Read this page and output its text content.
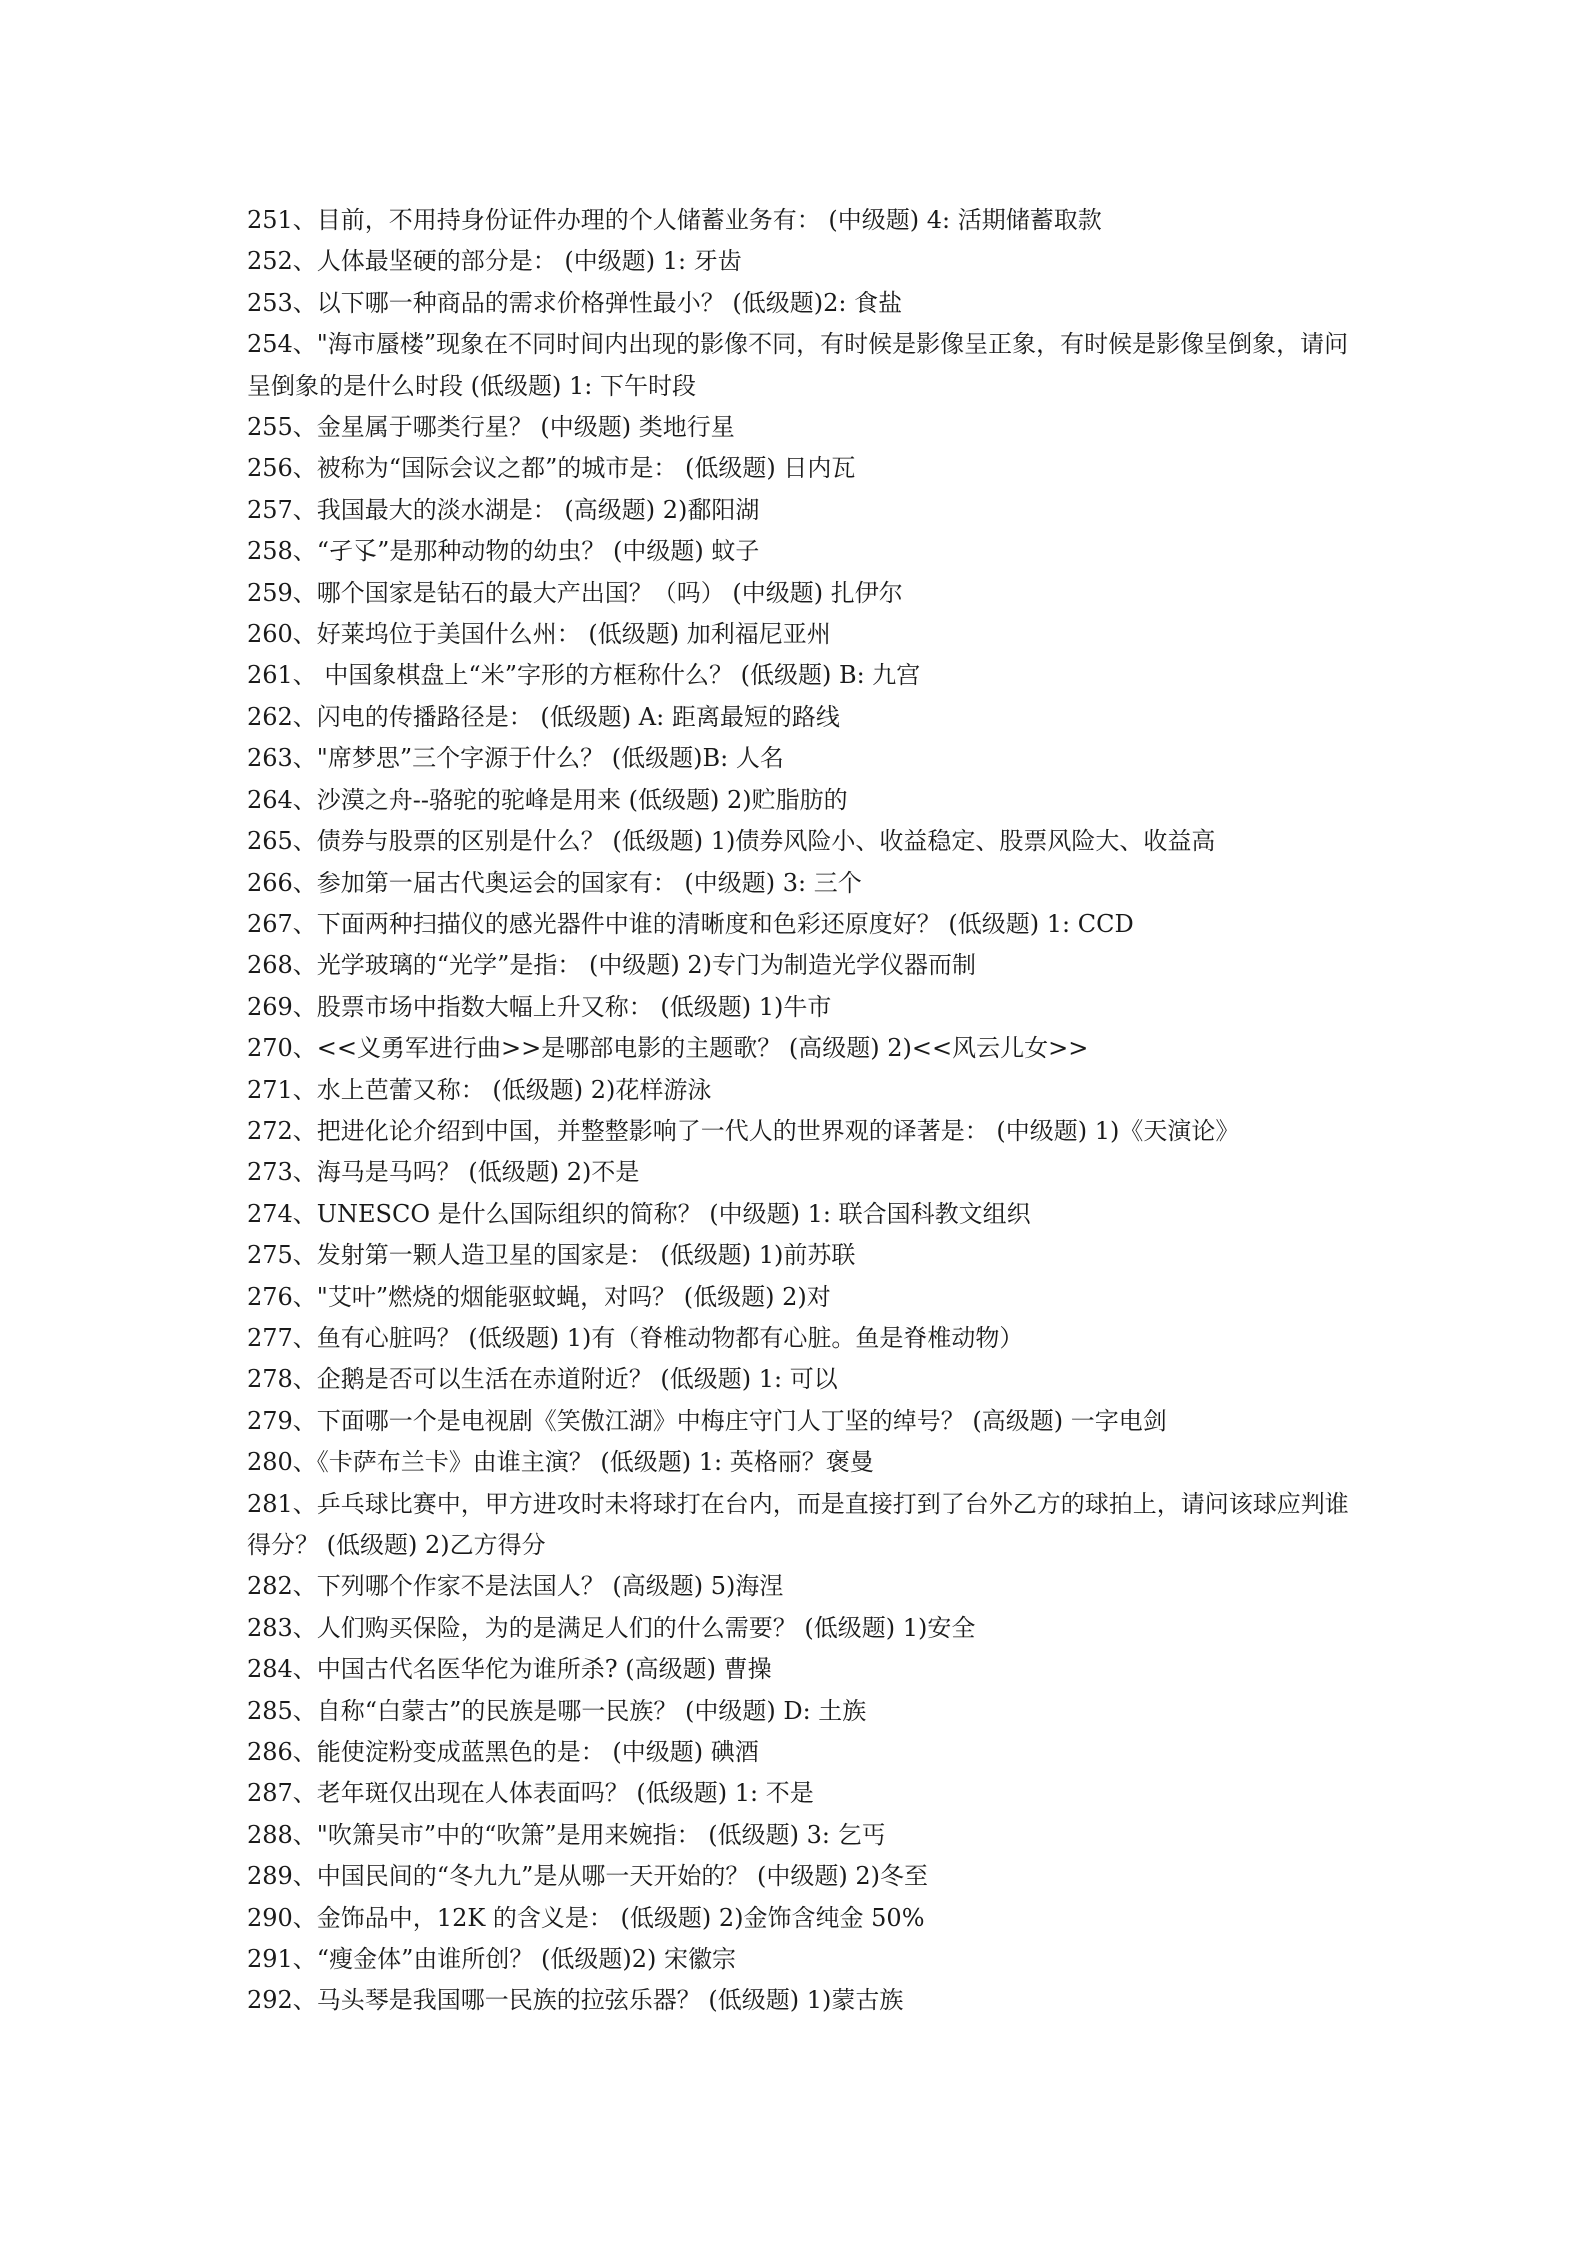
251、目前，不用持身份证件办理的个人储蓄业务有： (中级题) 4: 活期储蓄取款
252、人体最坚硬的部分是： (中级题) 1: 牙齿
253、以下哪一种商品的需求价格弹性最小？ (低级题)2: 食盐
254、"海市蜃楼”现象在不同时间内出现的影像不同，有时候是影像呈正象，有时候是影像呈倒象，请问呈倒象的是什么时段 (低级题) 1: 下午时段
255、金星属于哪类行星？ (中级题) 类地行星
256、被称为“国际会议之都”的城市是： (低级题) 日内瓦
257、我国最大的淡水湖是： (高级题) 2)鄱阳湖
258、“孑孓”是那种动物的幼虫？ (中级题) 蚊子
259、哪个国家是钻石的最大产出国？（吗） (中级题) 扎伊尔
260、好莱坞位于美国什么州： (低级题) 加利福尼亚州
261、 中国象棋盘上“米”字形的方框称什么？ (低级题) B: 九宫
262、闪电的传播路径是： (低级题) A: 距离最短的路线
263、"席梦思”三个字源于什么？ (低级题)B: 人名
264、沙漠之舟--骆驼的驼峰是用来 (低级题) 2)贮脂肪的
265、债券与股票的区别是什么？ (低级题) 1)债券风险小、收益稳定、股票风险大、收益高
266、参加第一届古代奥运会的国家有： (中级题) 3: 三个
267、下面两种扫描仪的感光器件中谁的清晰度和色彩还原度好？ (低级题) 1: CCD
268、光学玻璃的“光学”是指： (中级题) 2)专门为制造光学仪器而制
269、股票市场中指数大幅上升又称： (低级题) 1)牛市
270、<<义勇军进行曲>>是哪部电影的主题歌？ (高级题) 2)<<风云儿女>>
271、水上芭蕾又称： (低级题) 2)花样游泳
272、把进化论介绍到中国，并整整影响了一代人的世界观的译著是： (中级题) 1)《天演论》
273、海马是马吗？ (低级题) 2)不是
274、UNESCO 是什么国际组织的简称？ (中级题) 1: 联合国科教文组织
275、发射第一颗人造卫星的国家是： (低级题) 1)前苏联
276、"艾叶”燃烧的烟能驱蚊蝇，对吗？ (低级题) 2)对
277、鱼有心脏吗？ (低级题) 1)有（脊椎动物都有心脏。鱼是脊椎动物）
278、企鹅是否可以生活在赤道附近？ (低级题) 1: 可以
279、下面哪一个是电视剧《笑傲江湖》中梅庄守门人丁坚的绰号？ (高级题) 一字电剑
280、《卡萨布兰卡》由谁主演？ (低级题) 1: 英格丽？褒曼
281、乒乓球比赛中，甲方进攻时未将球打在台内，而是直接打到了台外乙方的球拍上，请问该球应判谁得分？ (低级题) 2)乙方得分
282、下列哪个作家不是法国人？ (高级题) 5)海涅
283、人们购买保险，为的是满足人们的什么需要？ (低级题) 1)安全
284、中国古代名医华佗为谁所杀? (高级题) 曹操
285、自称“白蒙古”的民族是哪一民族？ (中级题) D: 土族
286、能使淀粉变成蓝黑色的是： (中级题) 碘酒
287、老年斑仅出现在人体表面吗？ (低级题) 1: 不是
288、"吹箫吴市”中的“吹箫”是用来婉指： (低级题) 3: 乞丐
289、中国民间的“冬九九”是从哪一天开始的？ (中级题) 2)冬至
290、金饰品中，12K 的含义是： (低级题) 2)金饰含纯金 50%
291、“瘦金体”由谁所创？ (低级题)2) 宋徽宗
292、马头琴是我国哪一民族的拉弦乐器？ (低级题) 1)蒙古族
